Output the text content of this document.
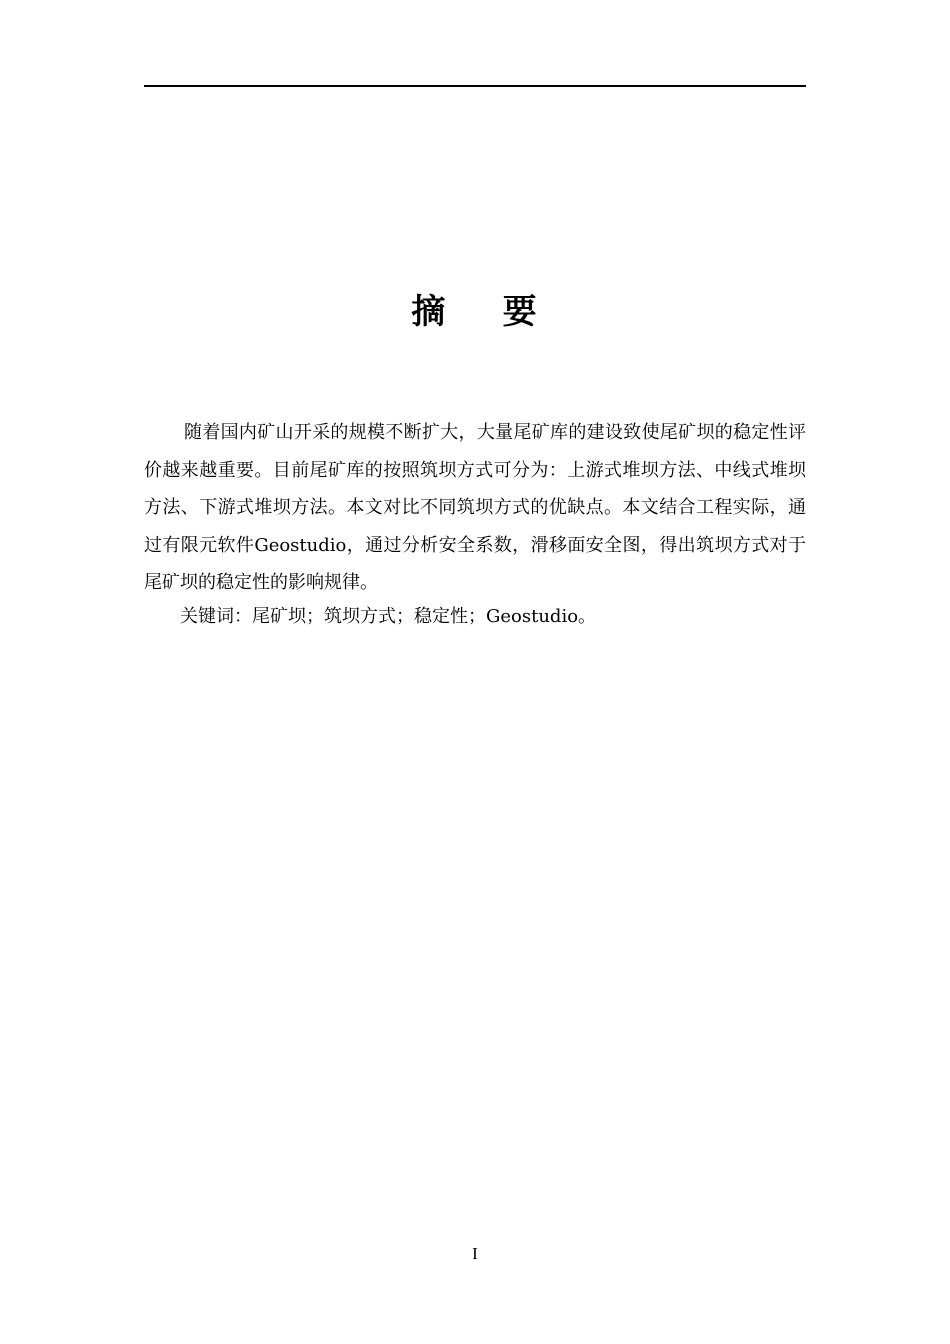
摘    要

随着国内矿山开采的规模不断扩大，大量尾矿库的建设致使尾矿坝的稳定性评价越来越重要。目前尾矿库的按照筑坝方式可分为：上游式堆坝方法、中线式堆坝方法、下游式堆坝方法。本文对比不同筑坝方式的优缺点。本文结合工程实际，通过有限元软件Geostudio，通过分析安全系数，滑移面安全图，得出筑坝方式对于尾矿坝的稳定性的影响规律。

关键词：尾矿坝；筑坝方式；稳定性；Geostudio。
I
